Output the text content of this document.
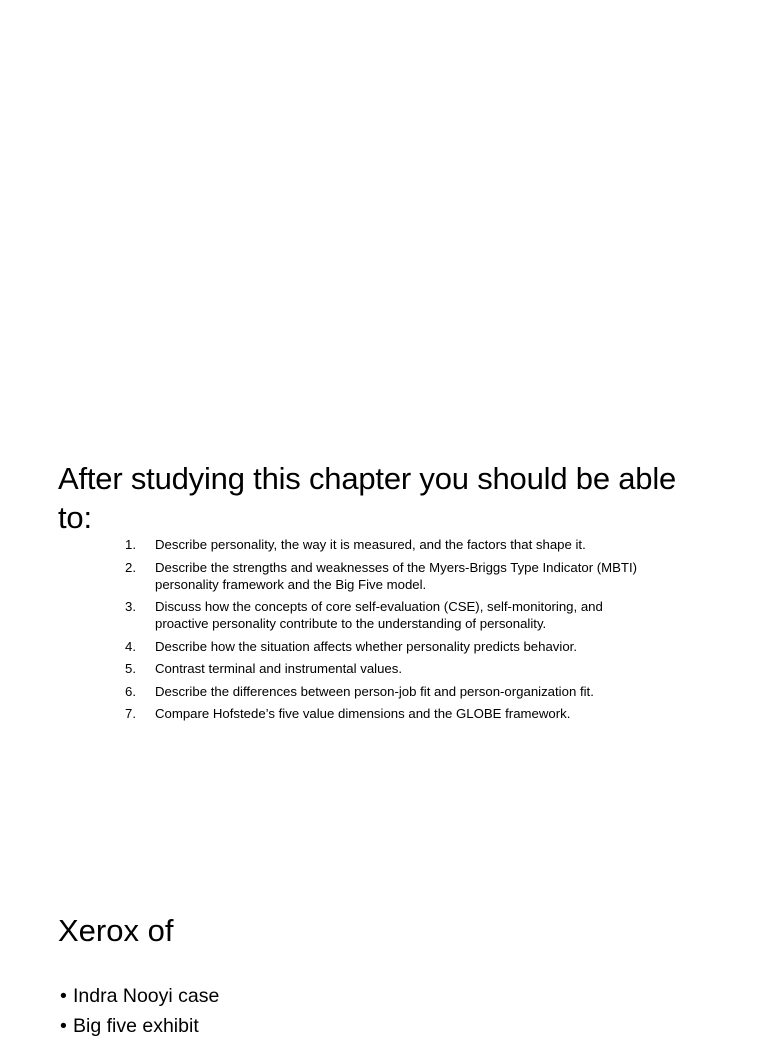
After studying this chapter you should be able to:
1.	Describe personality, the way it is measured, and the factors that shape it.
2.	Describe the strengths and weaknesses of the Myers-Briggs Type Indicator (MBTI) personality framework and the Big Five model.
3.	Discuss how the concepts of core self-evaluation (CSE), self-monitoring, and proactive personality contribute to the understanding of personality.
4.	Describe how the situation affects whether personality predicts behavior.
5.	Contrast terminal and instrumental values.
6.	Describe the differences between person-job fit and person-organization fit.
7.	Compare Hofstede’s five value dimensions and the GLOBE framework.
Xerox of
• Indra Nooyi case
• Big five exhibit
